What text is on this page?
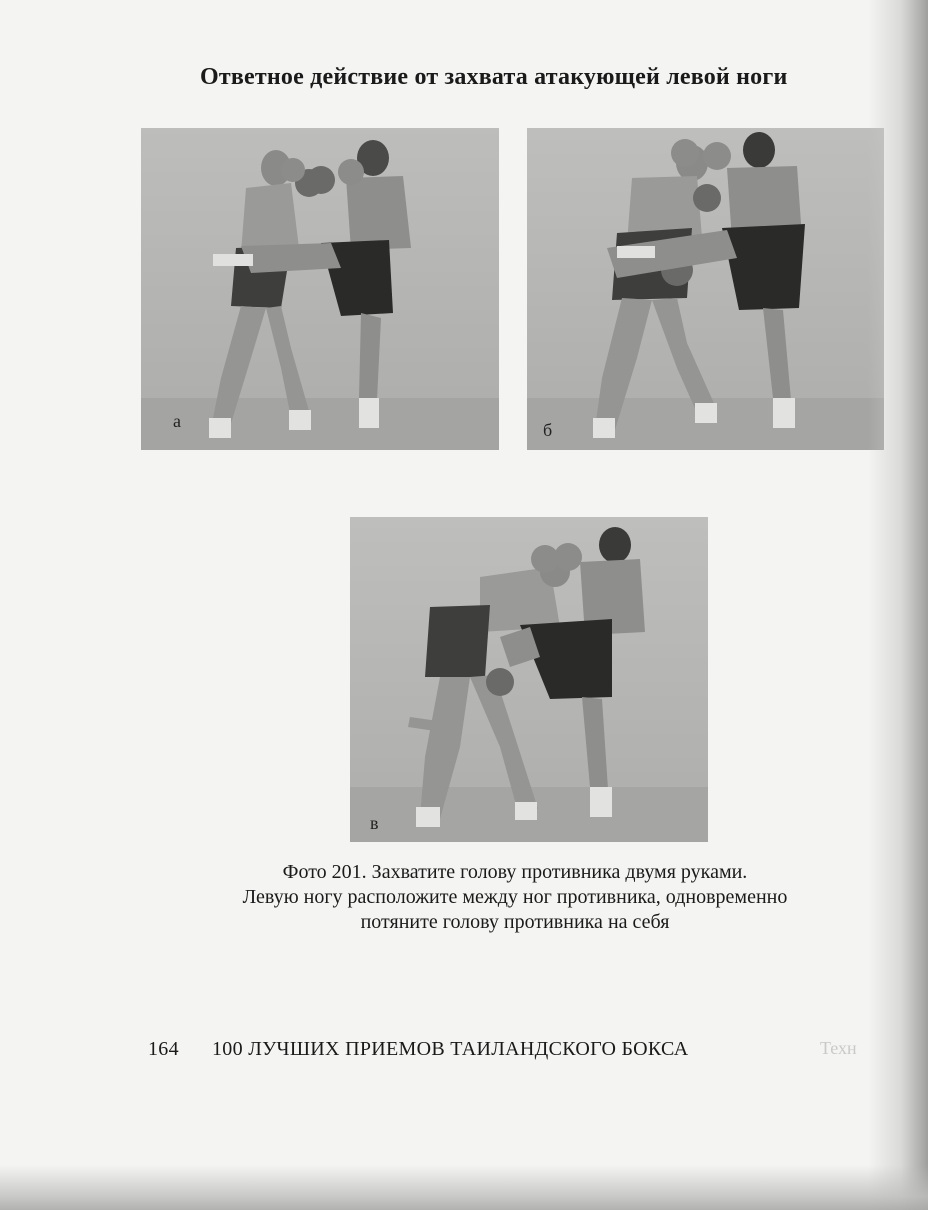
Техн
Ответное действие от захвата атакующей левой ноги
а	б
в
Фото 201. Захватите голову противника двумя руками.
Левую ногу расположите между ног противника, одновременно
потяните голову противника на себя
164 100 ЛУЧШИХ ПРИЕМОВ ТАИЛАНДСКОГО БОКСА
